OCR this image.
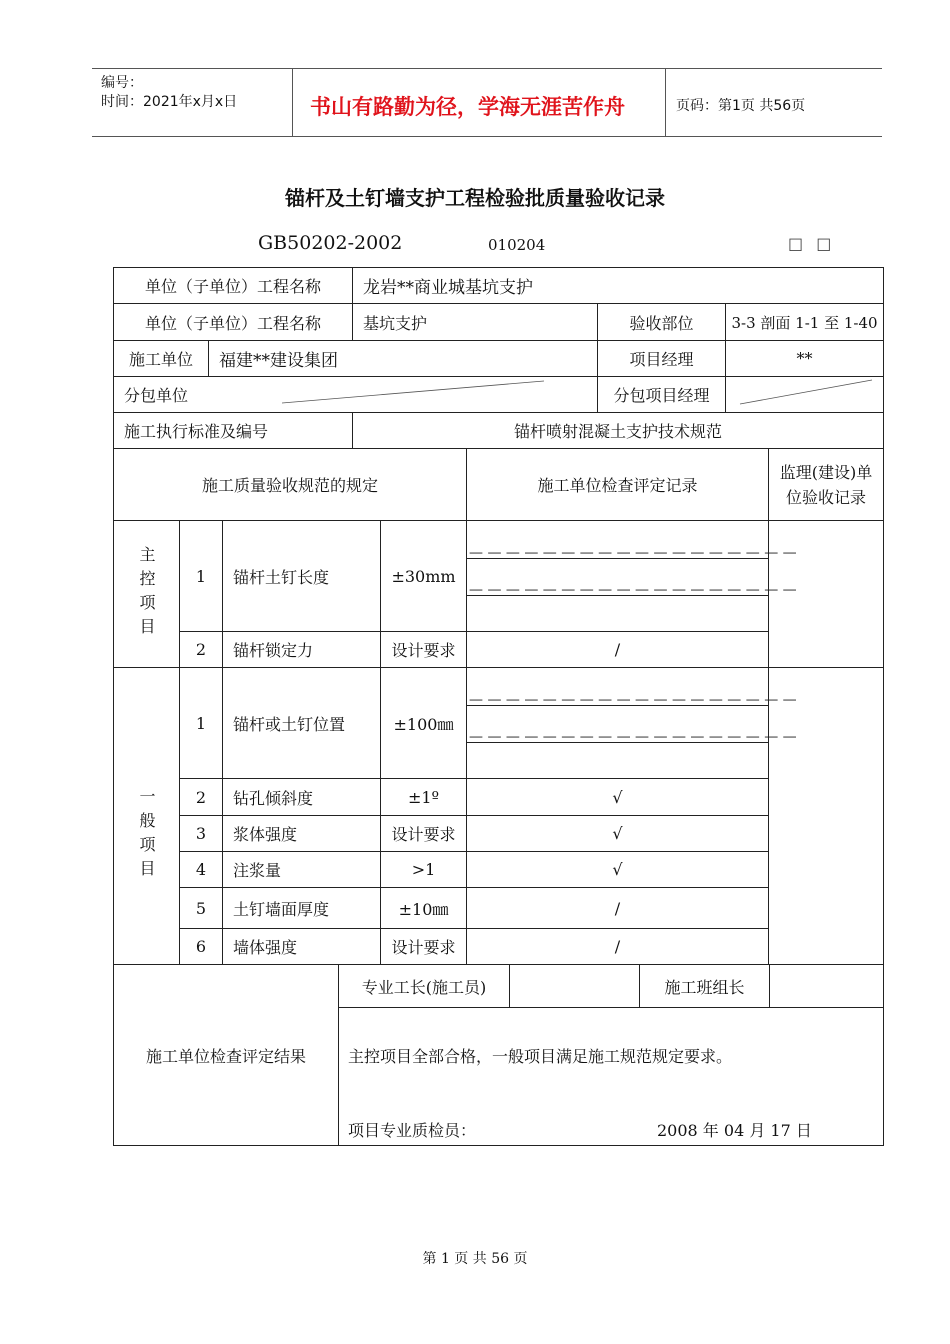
编号：
时间：2021年x月x日	书山有路勤为径，学海无涯苦作舟	页码：第1页 共56页
锚杆及土钉墙支护工程检验批质量验收记录
GB50202-2002	010204	□ □
单位（子单位）工程名称	龙岩**商业城基坑支护
单位（子单位）工程名称	基坑支护	验收部位	3-3 剖面 1-1 至 1-40
施工单位	福建**建设集团	项目经理	**
分包单位	分包项目经理
施工执行标准及编号	锚杆喷射混凝土支护技术规范
施工质量验收规范的规定	施工单位检查评定记录
监理(建设)单位验收记录
主控项目	1	锚杆土钉长度	±30mm
— — — — — — — — — — — — — — — — — —
— — — — — — — — — — — — — — — — — —
2	锚杆锁定力	设计要求	/
一般项目
1	锚杆或土钉位置	±100㎜
— — — — — — — — — — — — — — — — — —
— — — — — — — — — — — — — — — — — —
2	钻孔倾斜度	±1º	√
3	浆体强度	设计要求	√
4	注浆量	>1	√
5	土钉墙面厚度	±10㎜	/
6	墙体强度	设计要求	/
施工单位检查评定结果
专业工长(施工员)	施工班组长
主控项目全部合格，一般项目满足施工规范规定要求。
项目专业质检员：	2008 年 04 月 17 日
第 1 页 共 56 页
